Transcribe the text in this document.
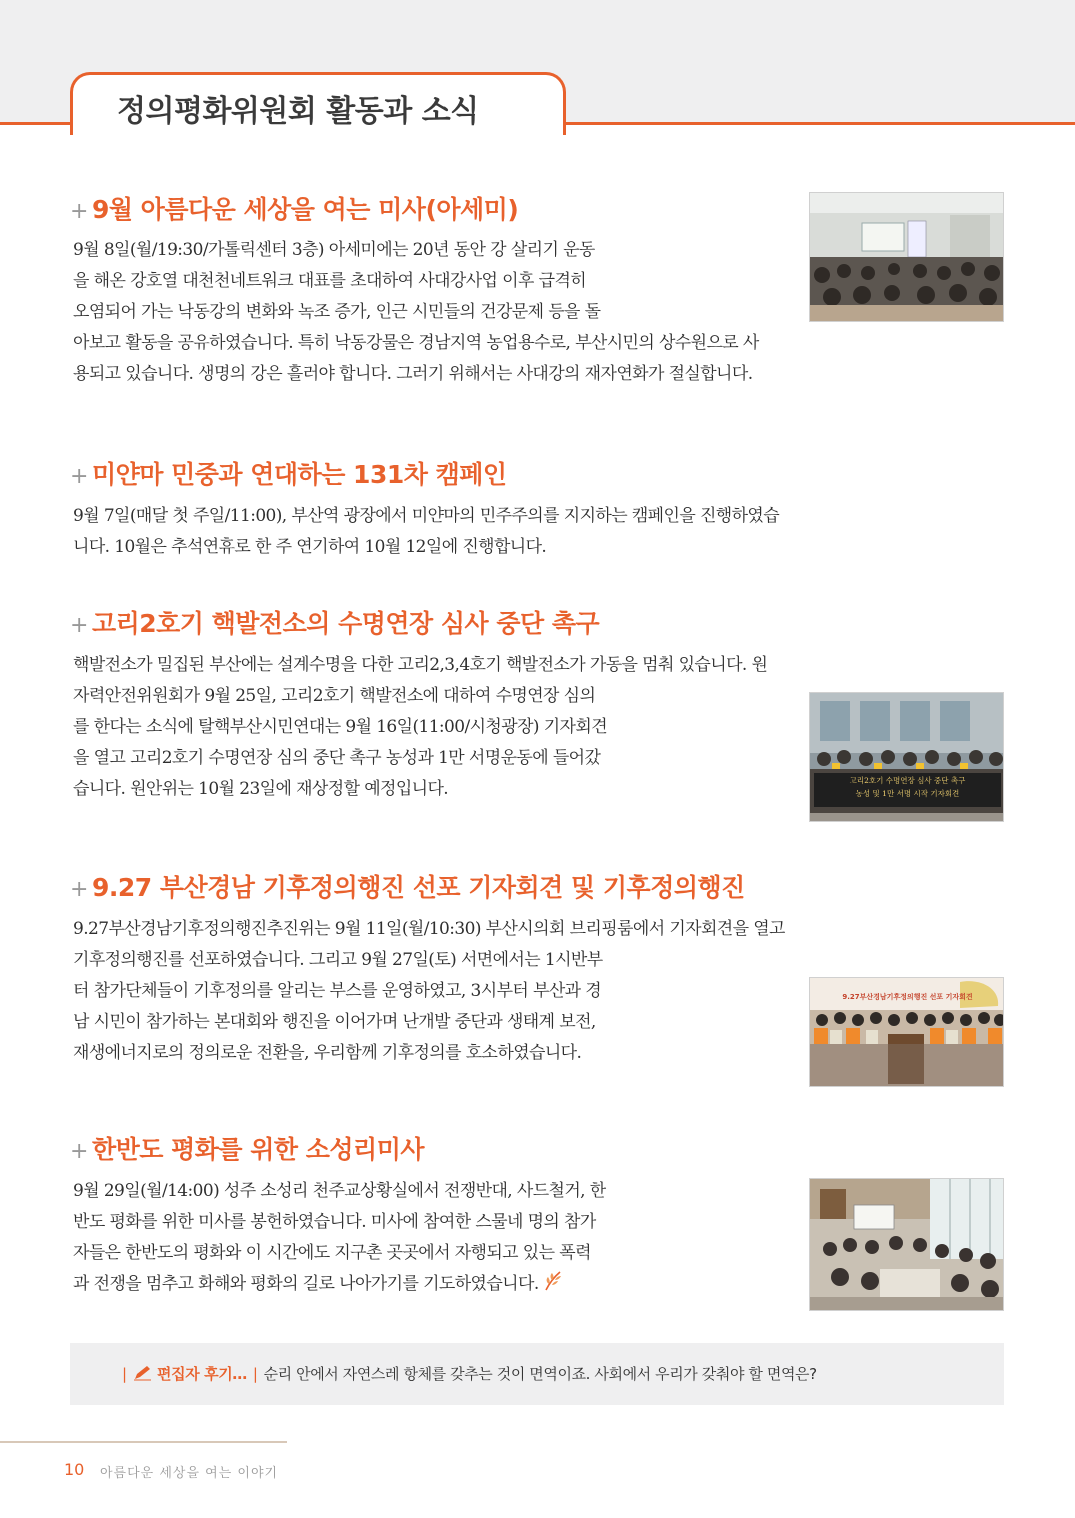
정의평화위원회 활동과 소식
+ 9월 아름다운 세상을 여는 미사(아세미)
9월 8일(월/19:30/가톨릭센터 3층) 아세미에는 20년 동안 강 살리기 운동
을 해온 강호열 대천천네트워크 대표를 초대하여 사대강사업 이후 급격히
오염되어 가는 낙동강의 변화와 녹조 증가, 인근 시민들의 건강문제 등을 돌
아보고 활동을 공유하였습니다. 특히 낙동강물은 경남지역 농업용수로, 부산시민의 상수원으로 사
용되고 있습니다. 생명의 강은 흘러야 합니다. 그러기 위해서는 사대강의 재자연화가 절실합니다.
+ 미얀마 민중과 연대하는 131차 캠페인
9월 7일(매달 첫 주일/11:00), 부산역 광장에서 미얀마의 민주주의를 지지하는 캠페인을 진행하였습
니다. 10월은 추석연휴로 한 주 연기하여 10월 12일에 진행합니다.
+ 고리2호기 핵발전소의 수명연장 심사 중단 촉구
핵발전소가 밀집된 부산에는 설계수명을 다한 고리2,3,4호기 핵발전소가 가동을 멈춰 있습니다. 원
자력안전위원회가 9월 25일, 고리2호기 핵발전소에 대하여 수명연장 심의
를 한다는 소식에 탈핵부산시민연대는 9월 16일(11:00/시청광장) 기자회견
을 열고 고리2호기 수명연장 심의 중단 촉구 농성과 1만 서명운동에 들어갔
습니다. 원안위는 10월 23일에 재상정할 예정입니다.	고리2호기 수명연장 심사 중단 촉구
농성 및 1만 서명 시작 기자회견
+ 9.27 부산경남 기후정의행진 선포 기자회견 및 기후정의행진
9.27부산경남기후정의행진추진위는 9월 11일(월/10:30) 부산시의회 브리핑룸에서 기자회견을 열고
기후정의행진를 선포하였습니다. 그리고 9월 27일(토) 서면에서는 1시반부
터 참가단체들이 기후정의를 알리는 부스를 운영하였고, 3시부터 부산과 경
남 시민이 참가하는 본대회와 행진을 이어가며 난개발 중단과 생태계 보전,
재생에너지로의 정의로운 전환을, 우리함께 기후정의를 호소하였습니다.
9.27부산경남기후정의행진 선포 기자회견
+ 한반도 평화를 위한 소성리미사
9월 29일(월/14:00) 성주 소성리 천주교상황실에서 전쟁반대, 사드철거, 한
반도 평화를 위한 미사를 봉헌하였습니다. 미사에 참여한 스물네 명의 참가
자들은 한반도의 평화와 이 시간에도 지구촌 곳곳에서 자행되고 있는 폭력
과 전쟁을 멈추고 화해와 평화의 길로 나아가기를 기도하였습니다.
| 편집자 후기… | 순리 안에서 자연스레 항체를 갖추는 것이 면역이죠. 사회에서 우리가 갖춰야 할 면역은?
10 아름다운 세상을 여는 이야기
